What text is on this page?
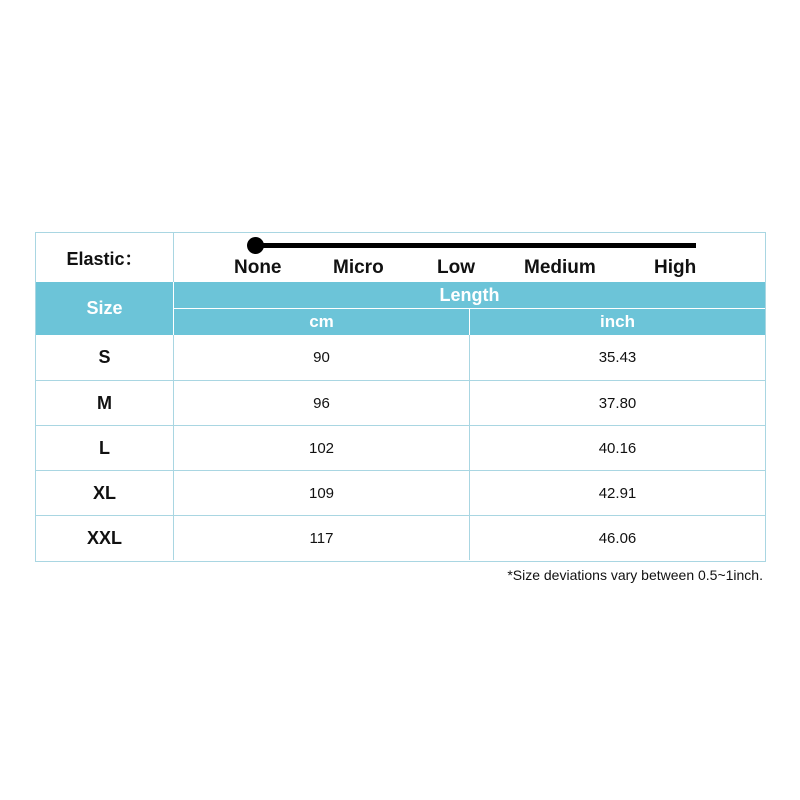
Elastic：	None	Micro	Low	Medium	High
Size
Length
cm	inch
S	90	35.43
M	96	37.80
L	102	40.16
XL	109	42.91
XXL	117	46.06
*Size deviations vary between 0.5~1inch.
